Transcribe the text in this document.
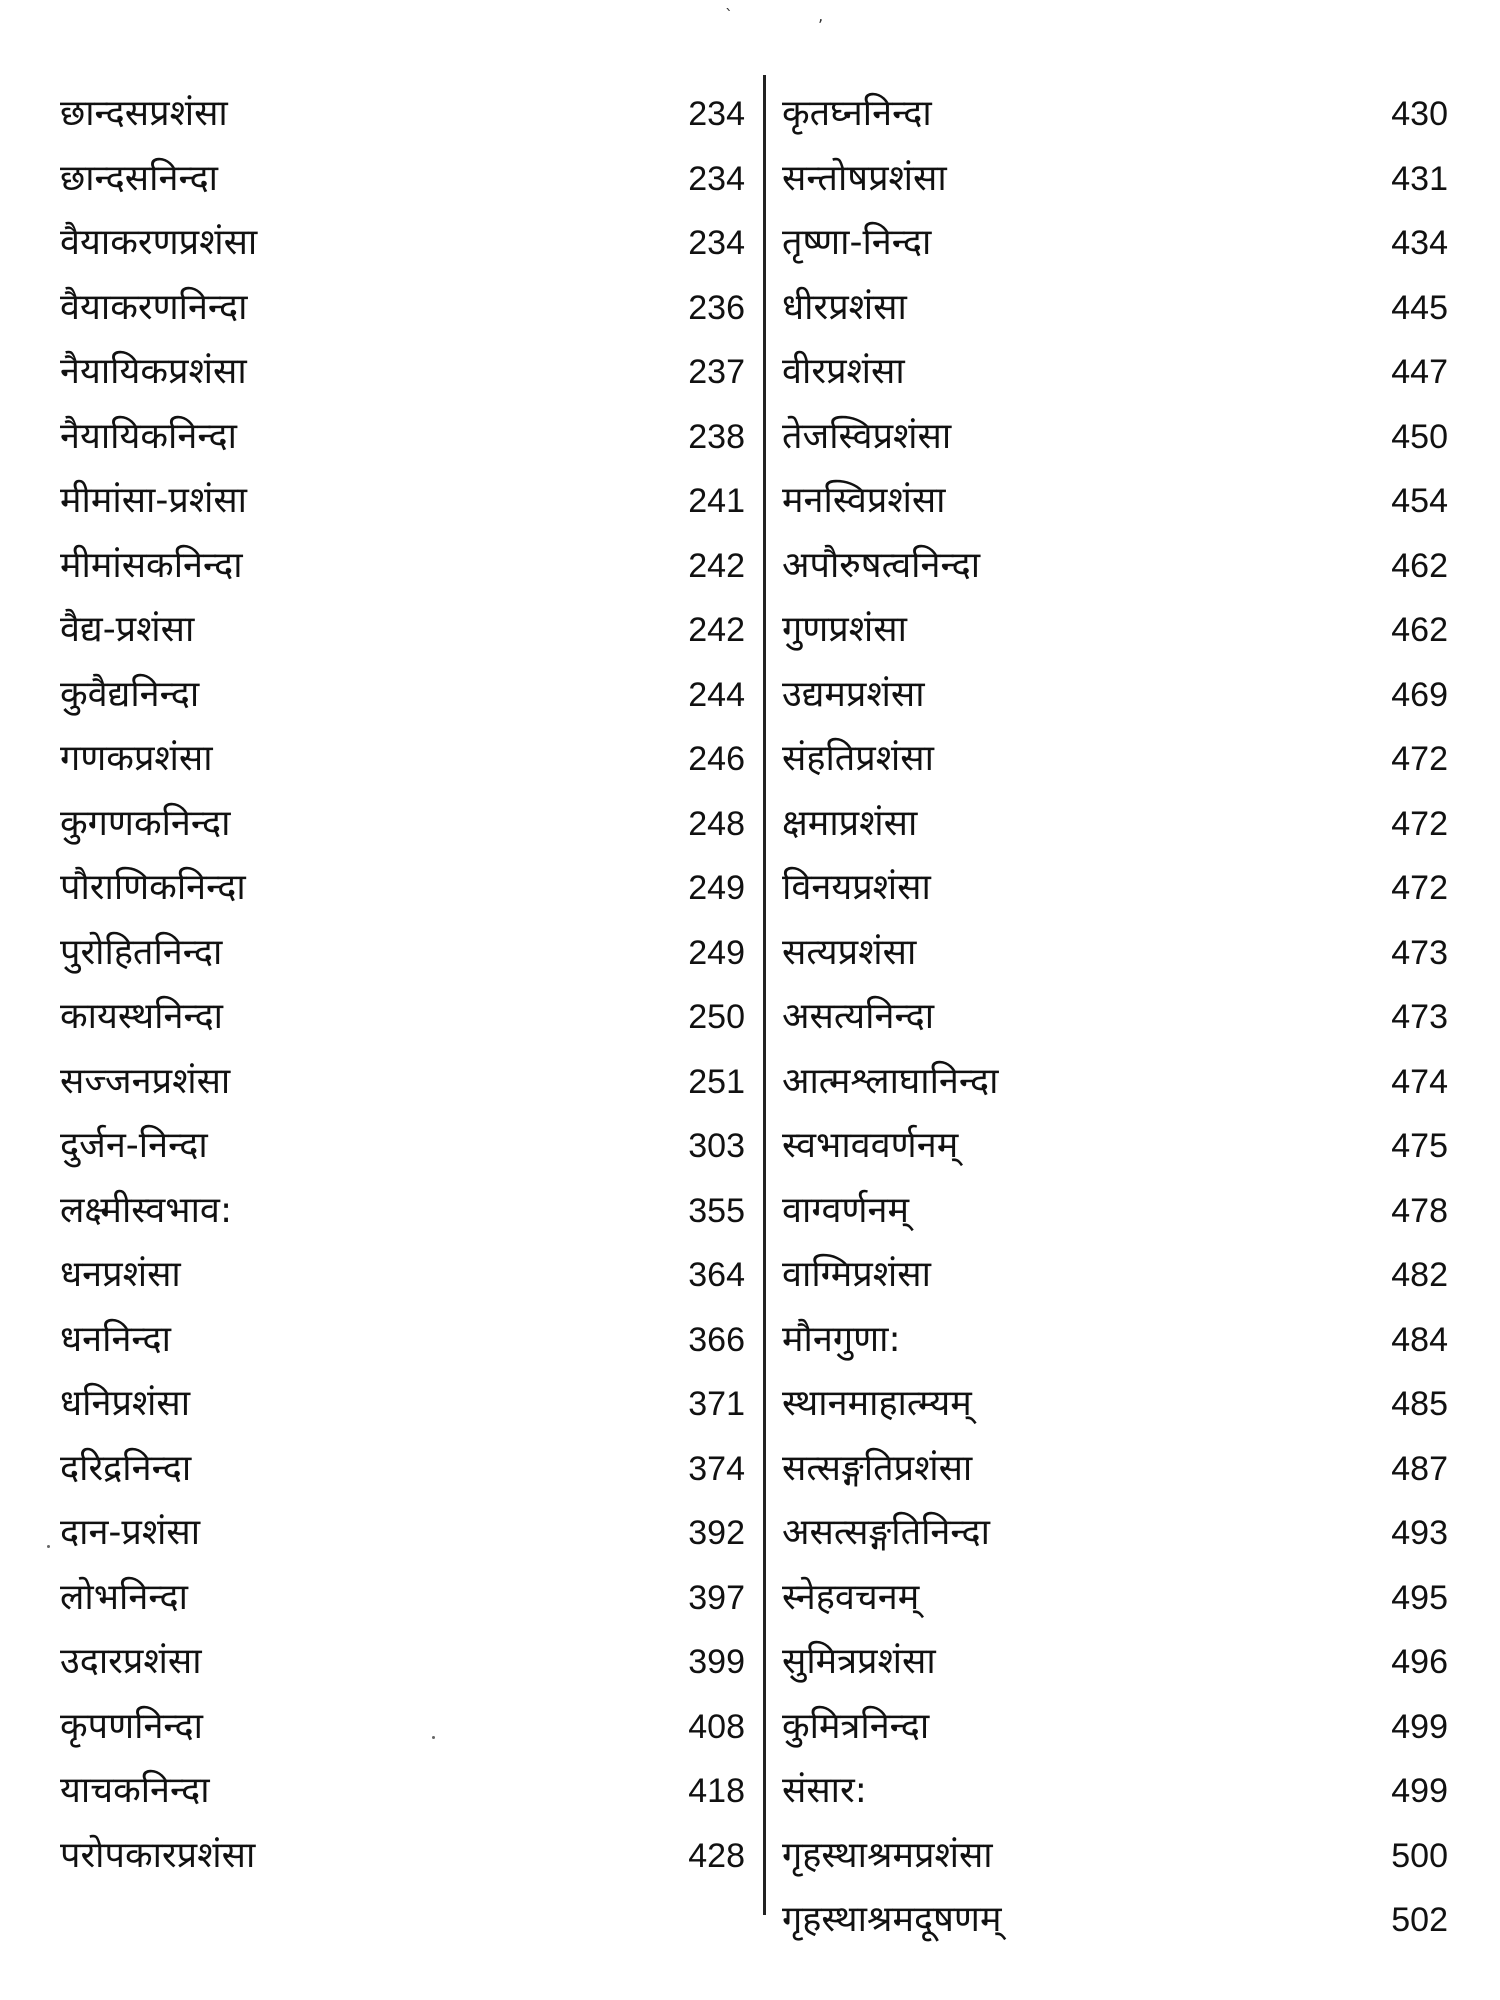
` ,
छान्दसप्रशंसा	234
छान्दसनिन्दा	234
वैयाकरणप्रशंसा	234
वैयाकरणनिन्दा	236
नैयायिकप्रशंसा	237
नैयायिकनिन्दा	238
मीमांसा-प्रशंसा	241
मीमांसकनिन्दा	242
वैद्य-प्रशंसा	242
कुवैद्यनिन्दा	244
गणकप्रशंसा	246
कुगणकनिन्दा	248
पौराणिकनिन्दा	249
पुरोहितनिन्दा	249
कायस्थनिन्दा	250
सज्जनप्रशंसा	251
दुर्जन-निन्दा	303
लक्ष्मीस्वभाव:	355
धनप्रशंसा	364
धननिन्दा	366
धनिप्रशंसा	371
दरिद्रनिन्दा	374
दान-प्रशंसा	392
लोभनिन्दा	397
उदारप्रशंसा	399
कृपणनिन्दा	408
याचकनिन्दा	418
परोपकारप्रशंसा	428
कृतघ्ननिन्दा	430
सन्तोषप्रशंसा	431
तृष्णा-निन्दा	434
धीरप्रशंसा	445
वीरप्रशंसा	447
तेजस्विप्रशंसा	450
मनस्विप्रशंसा	454
अपौरुषत्वनिन्दा	462
गुणप्रशंसा	462
उद्यमप्रशंसा	469
संहतिप्रशंसा	472
क्षमाप्रशंसा	472
विनयप्रशंसा	472
सत्यप्रशंसा	473
असत्यनिन्दा	473
आत्मश्लाघानिन्दा	474
स्वभाववर्णनम्	475
वाग्वर्णनम्	478
वाग्मिप्रशंसा	482
मौनगुणा:	484
स्थानमाहात्म्यम्	485
सत्सङ्गतिप्रशंसा	487
असत्सङ्गतिनिन्दा	493
स्नेहवचनम्	495
सुमित्रप्रशंसा	496
कुमित्रनिन्दा	499
संसार:	499
गृहस्थाश्रमप्रशंसा	500
गृहस्थाश्रमदूषणम्	502
